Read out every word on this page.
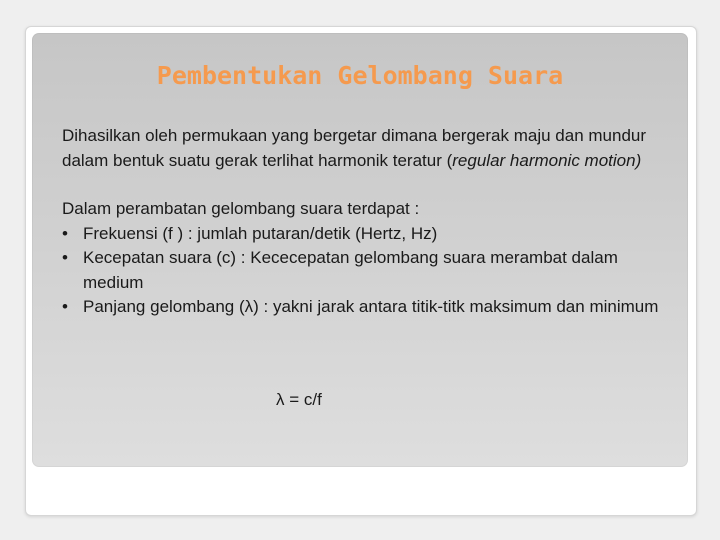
Pembentukan Gelombang Suara

Dihasilkan oleh permukaan yang bergetar dimana bergerak maju dan mundur dalam bentuk suatu gerak terlihat harmonik teratur (regular harmonic motion)

Dalam perambatan gelombang suara terdapat :

• Frekuensi (f ) : jumlah putaran/detik (Hertz, Hz)
• Kecepatan suara (c) : Kececepatan gelombang suara merambat dalam medium
• Panjang gelombang (λ) : yakni jarak antara titik-titk maksimum dan minimum
λ = c/f
